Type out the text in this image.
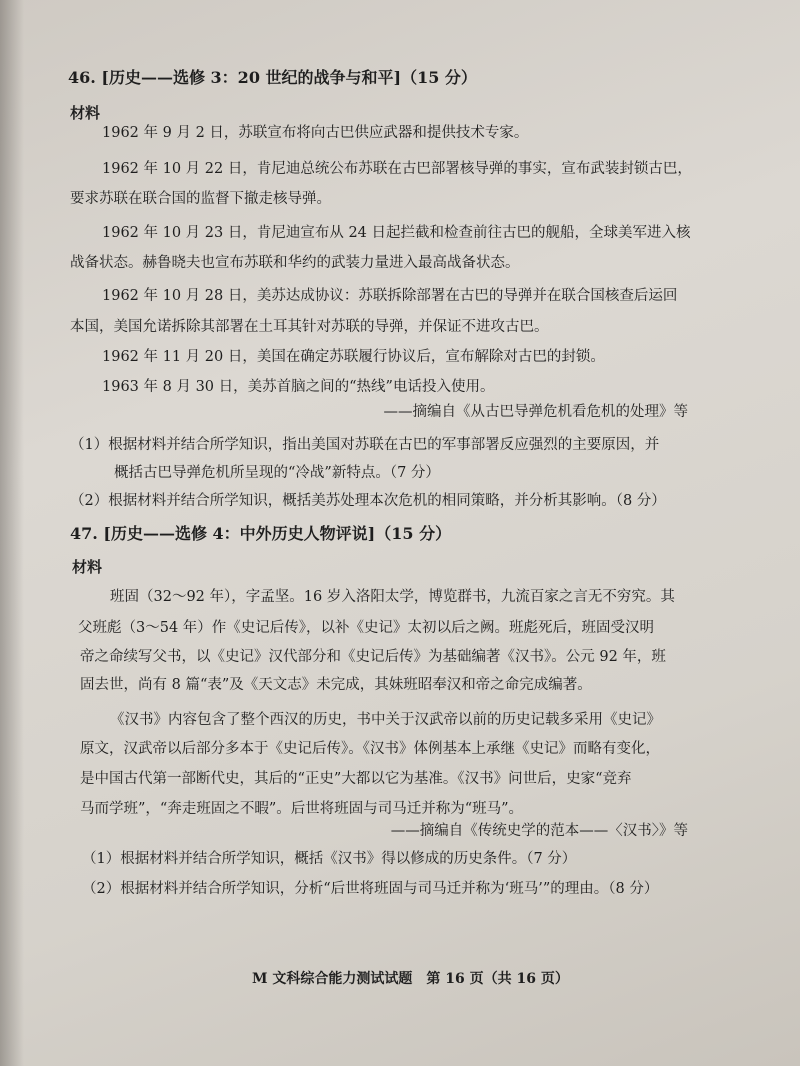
46. [历史——选修 3：20 世纪的战争与和平]（15 分）
材料
1962 年 9 月 2 日，苏联宣布将向古巴供应武器和提供技术专家。
1962 年 10 月 22 日，肯尼迪总统公布苏联在古巴部署核导弹的事实，宣布武装封锁古巴，
要求苏联在联合国的监督下撤走核导弹。
1962 年 10 月 23 日，肯尼迪宣布从 24 日起拦截和检查前往古巴的舰船，全球美军进入核
战备状态。赫鲁晓夫也宣布苏联和华约的武装力量进入最高战备状态。
1962 年 10 月 28 日，美苏达成协议：苏联拆除部署在古巴的导弹并在联合国核查后运回
本国，美国允诺拆除其部署在土耳其针对苏联的导弹，并保证不进攻古巴。
1962 年 11 月 20 日，美国在确定苏联履行协议后，宣布解除对古巴的封锁。
1963 年 8 月 30 日，美苏首脑之间的“热线”电话投入使用。
——摘编自《从古巴导弹危机看危机的处理》等
（1）根据材料并结合所学知识，指出美国对苏联在古巴的军事部署反应强烈的主要原因，并
概括古巴导弹危机所呈现的“冷战”新特点。（7 分）
（2）根据材料并结合所学知识，概括美苏处理本次危机的相同策略，并分析其影响。（8 分）
47. [历史——选修 4：中外历史人物评说]（15 分）
材料
班固（32～92 年），字孟坚。16 岁入洛阳太学，博览群书，九流百家之言无不穷究。其
父班彪（3～54 年）作《史记后传》，以补《史记》太初以后之阙。班彪死后，班固受汉明
帝之命续写父书，以《史记》汉代部分和《史记后传》为基础编著《汉书》。公元 92 年，班
固去世，尚有 8 篇“表”及《天文志》未完成，其妹班昭奉汉和帝之命完成编著。
《汉书》内容包含了整个西汉的历史，书中关于汉武帝以前的历史记载多采用《史记》
原文，汉武帝以后部分多本于《史记后传》。《汉书》体例基本上承继《史记》而略有变化，
是中国古代第一部断代史，其后的“正史”大都以它为基准。《汉书》问世后，史家“竞弃
马而学班”，“奔走班固之不暇”。后世将班固与司马迁并称为“班马”。
——摘编自《传统史学的范本——〈汉书〉》等
（1）根据材料并结合所学知识，概括《汉书》得以修成的历史条件。（7 分）
（2）根据材料并结合所学知识，分析“后世将班固与司马迁并称为‘班马’”的理由。（8 分）
M 文科综合能力测试试题　第 16 页（共 16 页）
